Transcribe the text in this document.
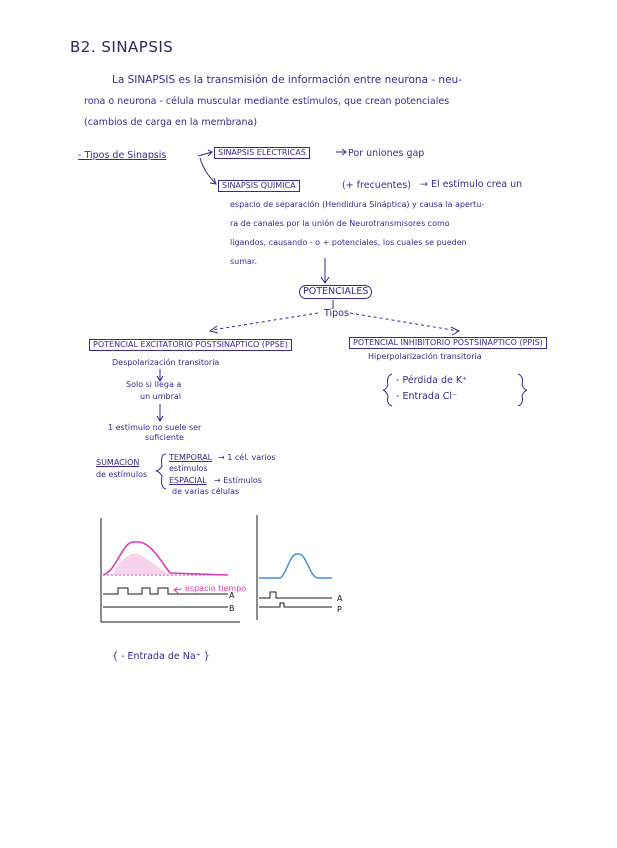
B2. SINAPSIS
La SINAPSIS es la transmisión de información entre neurona - neu-
rona o neurona - célula muscular mediante estímulos, que crean potenciales
(cambios de carga en la membrana)
- Tipos de Sinapsis	SINAPSIS ELÉCTRICAS	Por uniones gap
SINAPSIS QUÍMICA	(+ frecuentes) → El estímulo crea un
espacio de separación (Hendidura Sináptica) y causa la apertu-
ra de canales por la unión de Neurotransmisores como
ligandos, causando - o + potenciales, los cuales se pueden
sumar.
POTENCIALES
Tipos
POTENCIAL EXCITATORIO POSTSINÁPTICO (PPSE)
Despolarización transitoria
Solo si llega a
un umbral
1 estímulo no suele ser
suficiente
SUMACIÓN
de estímulos
TEMPORAL → 1 cél. varios
estímulos
ESPACIAL → Estímulos
de varias células
POTENCIAL INHIBITORIO POSTSINÁPTICO (PPIS)
Hiperpolarización transitoria
- Pérdida de K⁺
- Entrada Cl⁻
espacio tiempo
A
B
A
P
{ - Entrada de Na⁺ }
